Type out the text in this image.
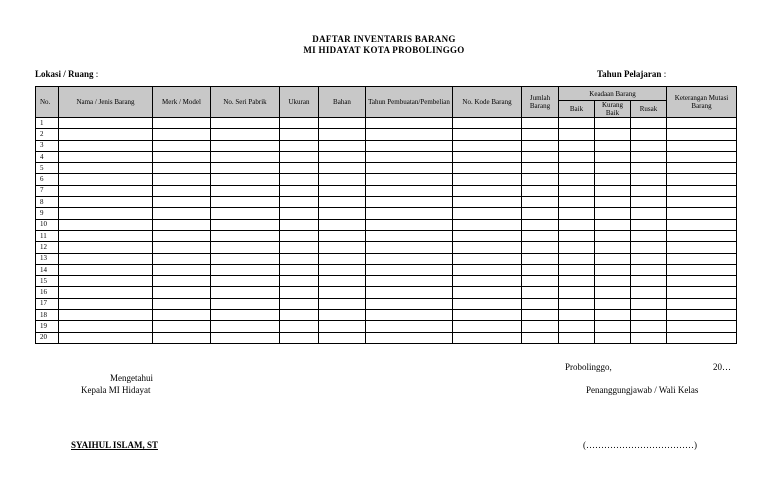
DAFTAR INVENTARIS BARANG
MI HIDAYAT KOTA PROBOLINGGO
Lokasi / Ruang :	Tahun Pelajaran :
No.	Nama / Jenis Barang	Merk / Model	No. Seri Pabrik	Ukuran	Bahan	Tahun Pembuatan/Pembelian	No. Kode Barang	Jumlah Barang	Keadaan Barang			Keterangan Mutasi Barang
									Baik	Kurang Baik	Rusak	
1												
2												
3												
4												
5												
6												
7												
8												
9												
10												
11												
12												
13												
14												
15												
16												
17												
18												
19												
20												
Mengetahui
Kepala MI Hidayat
Probolinggo,	20…
Penanggungjawab / Wali Kelas
SYAIHUL ISLAM, ST	(………………………………)
